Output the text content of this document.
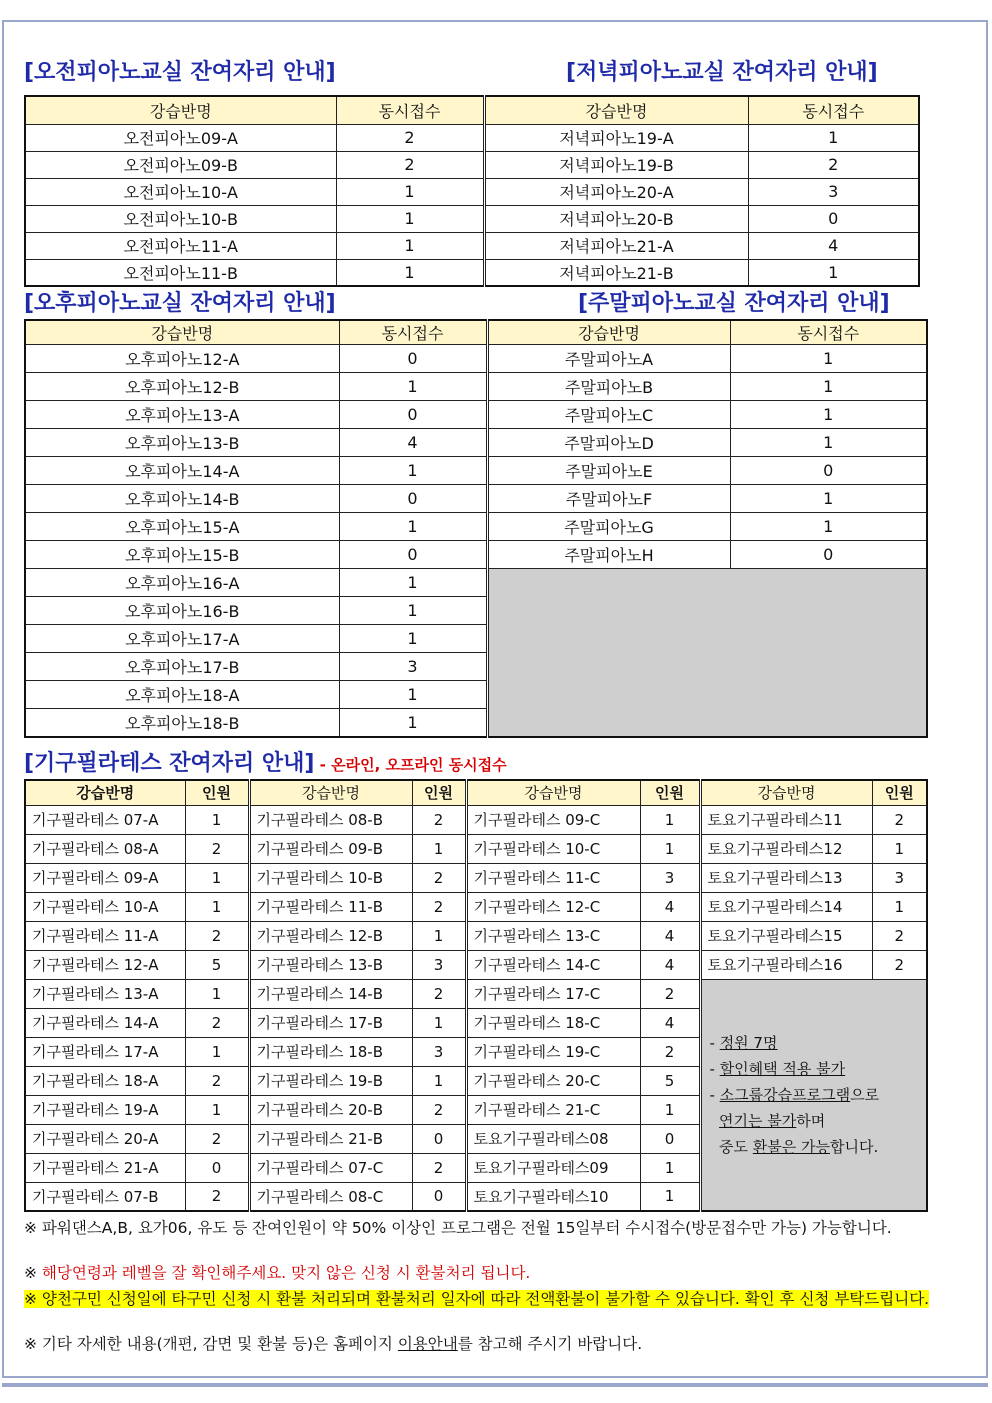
[오전피아노교실 잔여자리 안내]	[저녁피아노교실 잔여자리 안내]
[오후피아노교실 잔여자리 안내]	[주말피아노교실 잔여자리 안내]
[기구필라테스 잔여자리 안내] - 온라인, 오프라인 동시접수
강습반명	동시접수	강습반명	동시접수
오전피아노09-A	2	저녁피아노19-A	1
오전피아노09-B	2	저녁피아노19-B	2
오전피아노10-A	1	저녁피아노20-A	3
오전피아노10-B	1	저녁피아노20-B	0
오전피아노11-A	1	저녁피아노21-A	4
오전피아노11-B	1	저녁피아노21-B	1
강습반명	동시접수	강습반명	동시접수
오후피아노12-A	0	주말피아노A	1
오후피아노12-B	1	주말피아노B	1
오후피아노13-A	0	주말피아노C	1
오후피아노13-B	4	주말피아노D	1
오후피아노14-A	1	주말피아노E	0
오후피아노14-B	0	주말피아노F	1
오후피아노15-A	1	주말피아노G	1
오후피아노15-B	0	주말피아노H	0
오후피아노16-A	1		
오후피아노16-B	1		
오후피아노17-A	1		
오후피아노17-B	3		
오후피아노18-A	1		
오후피아노18-B	1		
강습반명	인원	강습반명	인원	강습반명	인원	강습반명	인원
기구필라테스 07-A	1	기구필라테스 08-B	2	기구필라테스 09-C	1	토요기구필라테스11	2
기구필라테스 08-A	2	기구필라테스 09-B	1	기구필라테스 10-C	1	토요기구필라테스12	1
기구필라테스 09-A	1	기구필라테스 10-B	2	기구필라테스 11-C	3	토요기구필라테스13	3
기구필라테스 10-A	1	기구필라테스 11-B	2	기구필라테스 12-C	4	토요기구필라테스14	1
기구필라테스 11-A	2	기구필라테스 12-B	1	기구필라테스 13-C	4	토요기구필라테스15	2
기구필라테스 12-A	5	기구필라테스 13-B	3	기구필라테스 14-C	4	토요기구필라테스16	2
기구필라테스 13-A	1	기구필라테스 14-B	2	기구필라테스 17-C	2	- 정원 7명
- 할인혜택 적용 불가
- 소그룹강습프로그램으로
연기는 불가하며
중도 환불은 가능합니다.	

기구필라테스 14-A	2	기구필라테스 17-B	1	기구필라테스 18-C	4		
기구필라테스 17-A	1	기구필라테스 18-B	3	기구필라테스 19-C	2		
기구필라테스 18-A	2	기구필라테스 19-B	1	기구필라테스 20-C	5		
기구필라테스 19-A	1	기구필라테스 20-B	2	기구필라테스 21-C	1		
기구필라테스 20-A	2	기구필라테스 21-B	0	토요기구필라테스08	0		
기구필라테스 21-A	0	기구필라테스 07-C	2	토요기구필라테스09	1		
기구필라테스 07-B	2	기구필라테스 08-C	0	토요기구필라테스10	1		
※ 파워댄스A,B, 요가06, 유도 등 잔여인원이 약 50% 이상인 프로그램은 전월 15일부터 수시접수(방문접수만 가능) 가능합니다.
※ 해당연령과 레벨을 잘 확인해주세요. 맞지 않은 신청 시 환불처리 됩니다.
※ 양천구민 신청일에 타구민 신청 시 환불 처리되며 환불처리 일자에 따라 전액환불이 불가할 수 있습니다. 확인 후 신청 부탁드립니다.
※ 기타 자세한 내용(개편, 감면 및 환불 등)은 홈페이지 이용안내를 참고해 주시기 바랍니다.
